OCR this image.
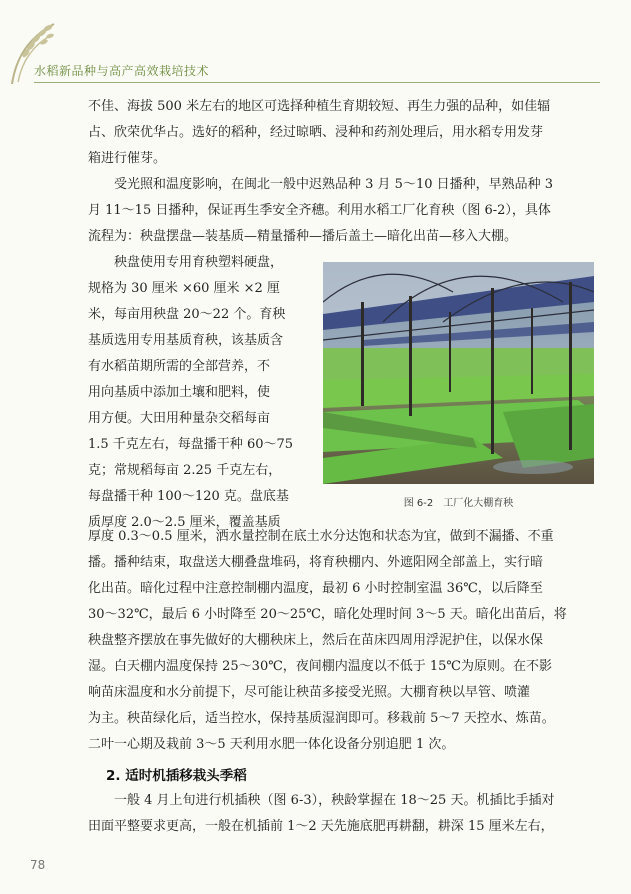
水稻新品种与高产高效栽培技术
不佳、海拔 500 米左右的地区可选择种植生育期较短、再生力强的品种，如佳辐
占、欣荣优华占。选好的稻种，经过晾晒、浸种和药剂处理后，用水稻专用发芽
箱进行催芽。
受光照和温度影响，在闽北一般中迟熟品种 3 月 5～10 日播种，早熟品种 3
月 11～15 日播种，保证再生季安全齐穗。利用水稻工厂化育秧（图 6-2），具体
流程为：秧盘摆盘—装基质—精量播种—播后盖土—暗化出苗—移入大棚。
秧盘使用专用育秧塑料硬盘，
规格为 30 厘米 ×60 厘米 ×2 厘
米，每亩用秧盘 20～22 个。育秧
基质选用专用基质育秧，该基质含
有水稻苗期所需的全部营养，不
用向基质中添加土壤和肥料，使
用方便。大田用种量杂交稻每亩
1.5 千克左右，每盘播干种 60～75
克；常规稻每亩 2.25 千克左右，
每盘播干种 100～120 克。盘底基
质厚度 2.0～2.5 厘米，覆盖基质
图 6-2　工厂化大棚育秧
厚度 0.3～0.5 厘米，洒水量控制在底土水分达饱和状态为宜，做到不漏播、不重
播。播种结束，取盘送大棚叠盘堆码，将育秧棚内、外遮阳网全部盖上，实行暗
化出苗。暗化过程中注意控制棚内温度，最初 6 小时控制室温 36℃，以后降至
30～32℃，最后 6 小时降至 20～25℃，暗化处理时间 3～5 天。暗化出苗后，将
秧盘整齐摆放在事先做好的大棚秧床上，然后在苗床四周用浮泥护住，以保水保
湿。白天棚内温度保持 25～30℃，夜间棚内温度以不低于 15℃为原则。在不影
响苗床温度和水分前提下，尽可能让秧苗多接受光照。大棚育秧以早管、喷灌
为主。秧苗绿化后，适当控水，保持基质湿润即可。移栽前 5～7 天控水、炼苗。
二叶一心期及栽前 3～5 天利用水肥一体化设备分别追肥 1 次。
2. 适时机插移栽头季稻
一般 4 月上旬进行机插秧（图 6-3），秧龄掌握在 18～25 天。机插比手插对
田面平整要求更高，一般在机插前 1～2 天先施底肥再耕翻，耕深 15 厘米左右，
78
